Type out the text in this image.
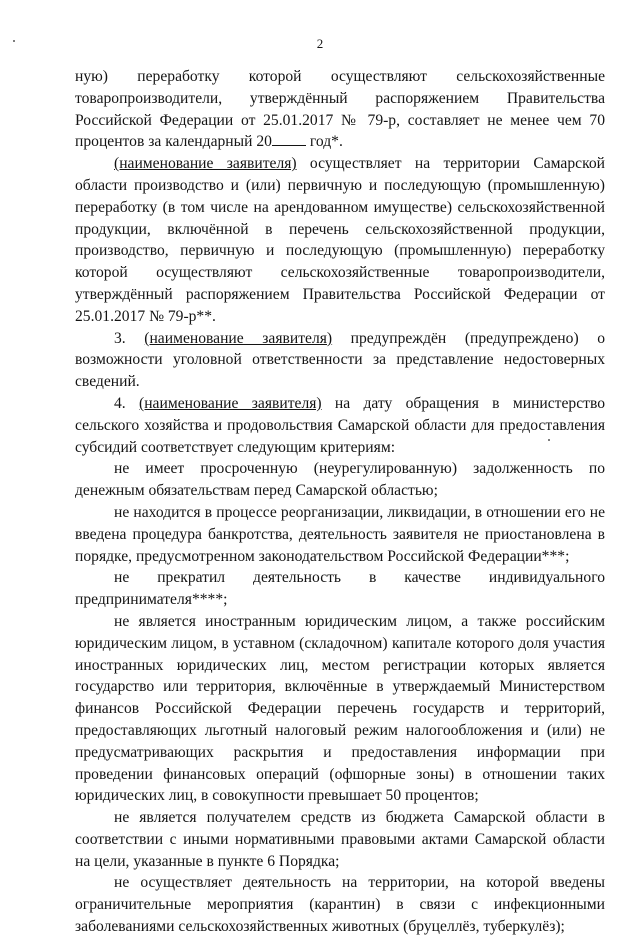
2

ную) переработку которой осуществляют сельскохозяйственные товаропроизводители, утверждённый распоряжением Правительства Российской Федерации от 25.01.2017 № 79-р, составляет не менее чем 70 процентов за календарный 20 год*.

(наименование заявителя) осуществляет на территории Самарской области производство и (или) первичную и последующую (промышленную) переработку (в том числе на арендованном имуществе) сельскохозяйственной продукции, включённой в перечень сельскохозяйственной продукции, производство, первичную и последующую (промышленную) переработку которой осуществляют сельскохозяйственные товаропроизводители, утверждённый распоряжением Правительства Российской Федерации от 25.01.2017 № 79-р**.

3. (наименование заявителя) предупреждён (предупреждено) о возможности уголовной ответственности за представление недостоверных сведений.

4. (наименование заявителя) на дату обращения в министерство сельского хозяйства и продовольствия Самарской области для предоставления субсидий соответствует следующим критериям:

не имеет просроченную (неурегулированную) задолженность по денежным обязательствам перед Самарской областью;

не находится в процессе реорганизации, ликвидации, в отношении его не введена процедура банкротства, деятельность заявителя не приостановлена в порядке, предусмотренном законодательством Российской Федерации***;

не прекратил деятельность в качестве индивидуального предпринимателя****;

не является иностранным юридическим лицом, а также российским юридическим лицом, в уставном (складочном) капитале которого доля участия иностранных юридических лиц, местом регистрации которых является государство или территория, включённые в утверждаемый Министерством финансов Российской Федерации перечень государств и территорий, предоставляющих льготный налоговый режим налогообложения и (или) не предусматривающих раскрытия и предоставления информации при проведении финансовых операций (офшорные зоны) в отношении таких юридических лиц, в совокупности превышает 50 процентов;

не является получателем средств из бюджета Самарской области в соответствии с иными нормативными правовыми актами Самарской области на цели, указанные в пункте 6 Порядка;

не осуществляет деятельность на территории, на которой введены ограничительные мероприятия (карантин) в связи с инфекционными заболеваниями сельскохозяйственных животных (бруцеллёз, туберкулёз);
